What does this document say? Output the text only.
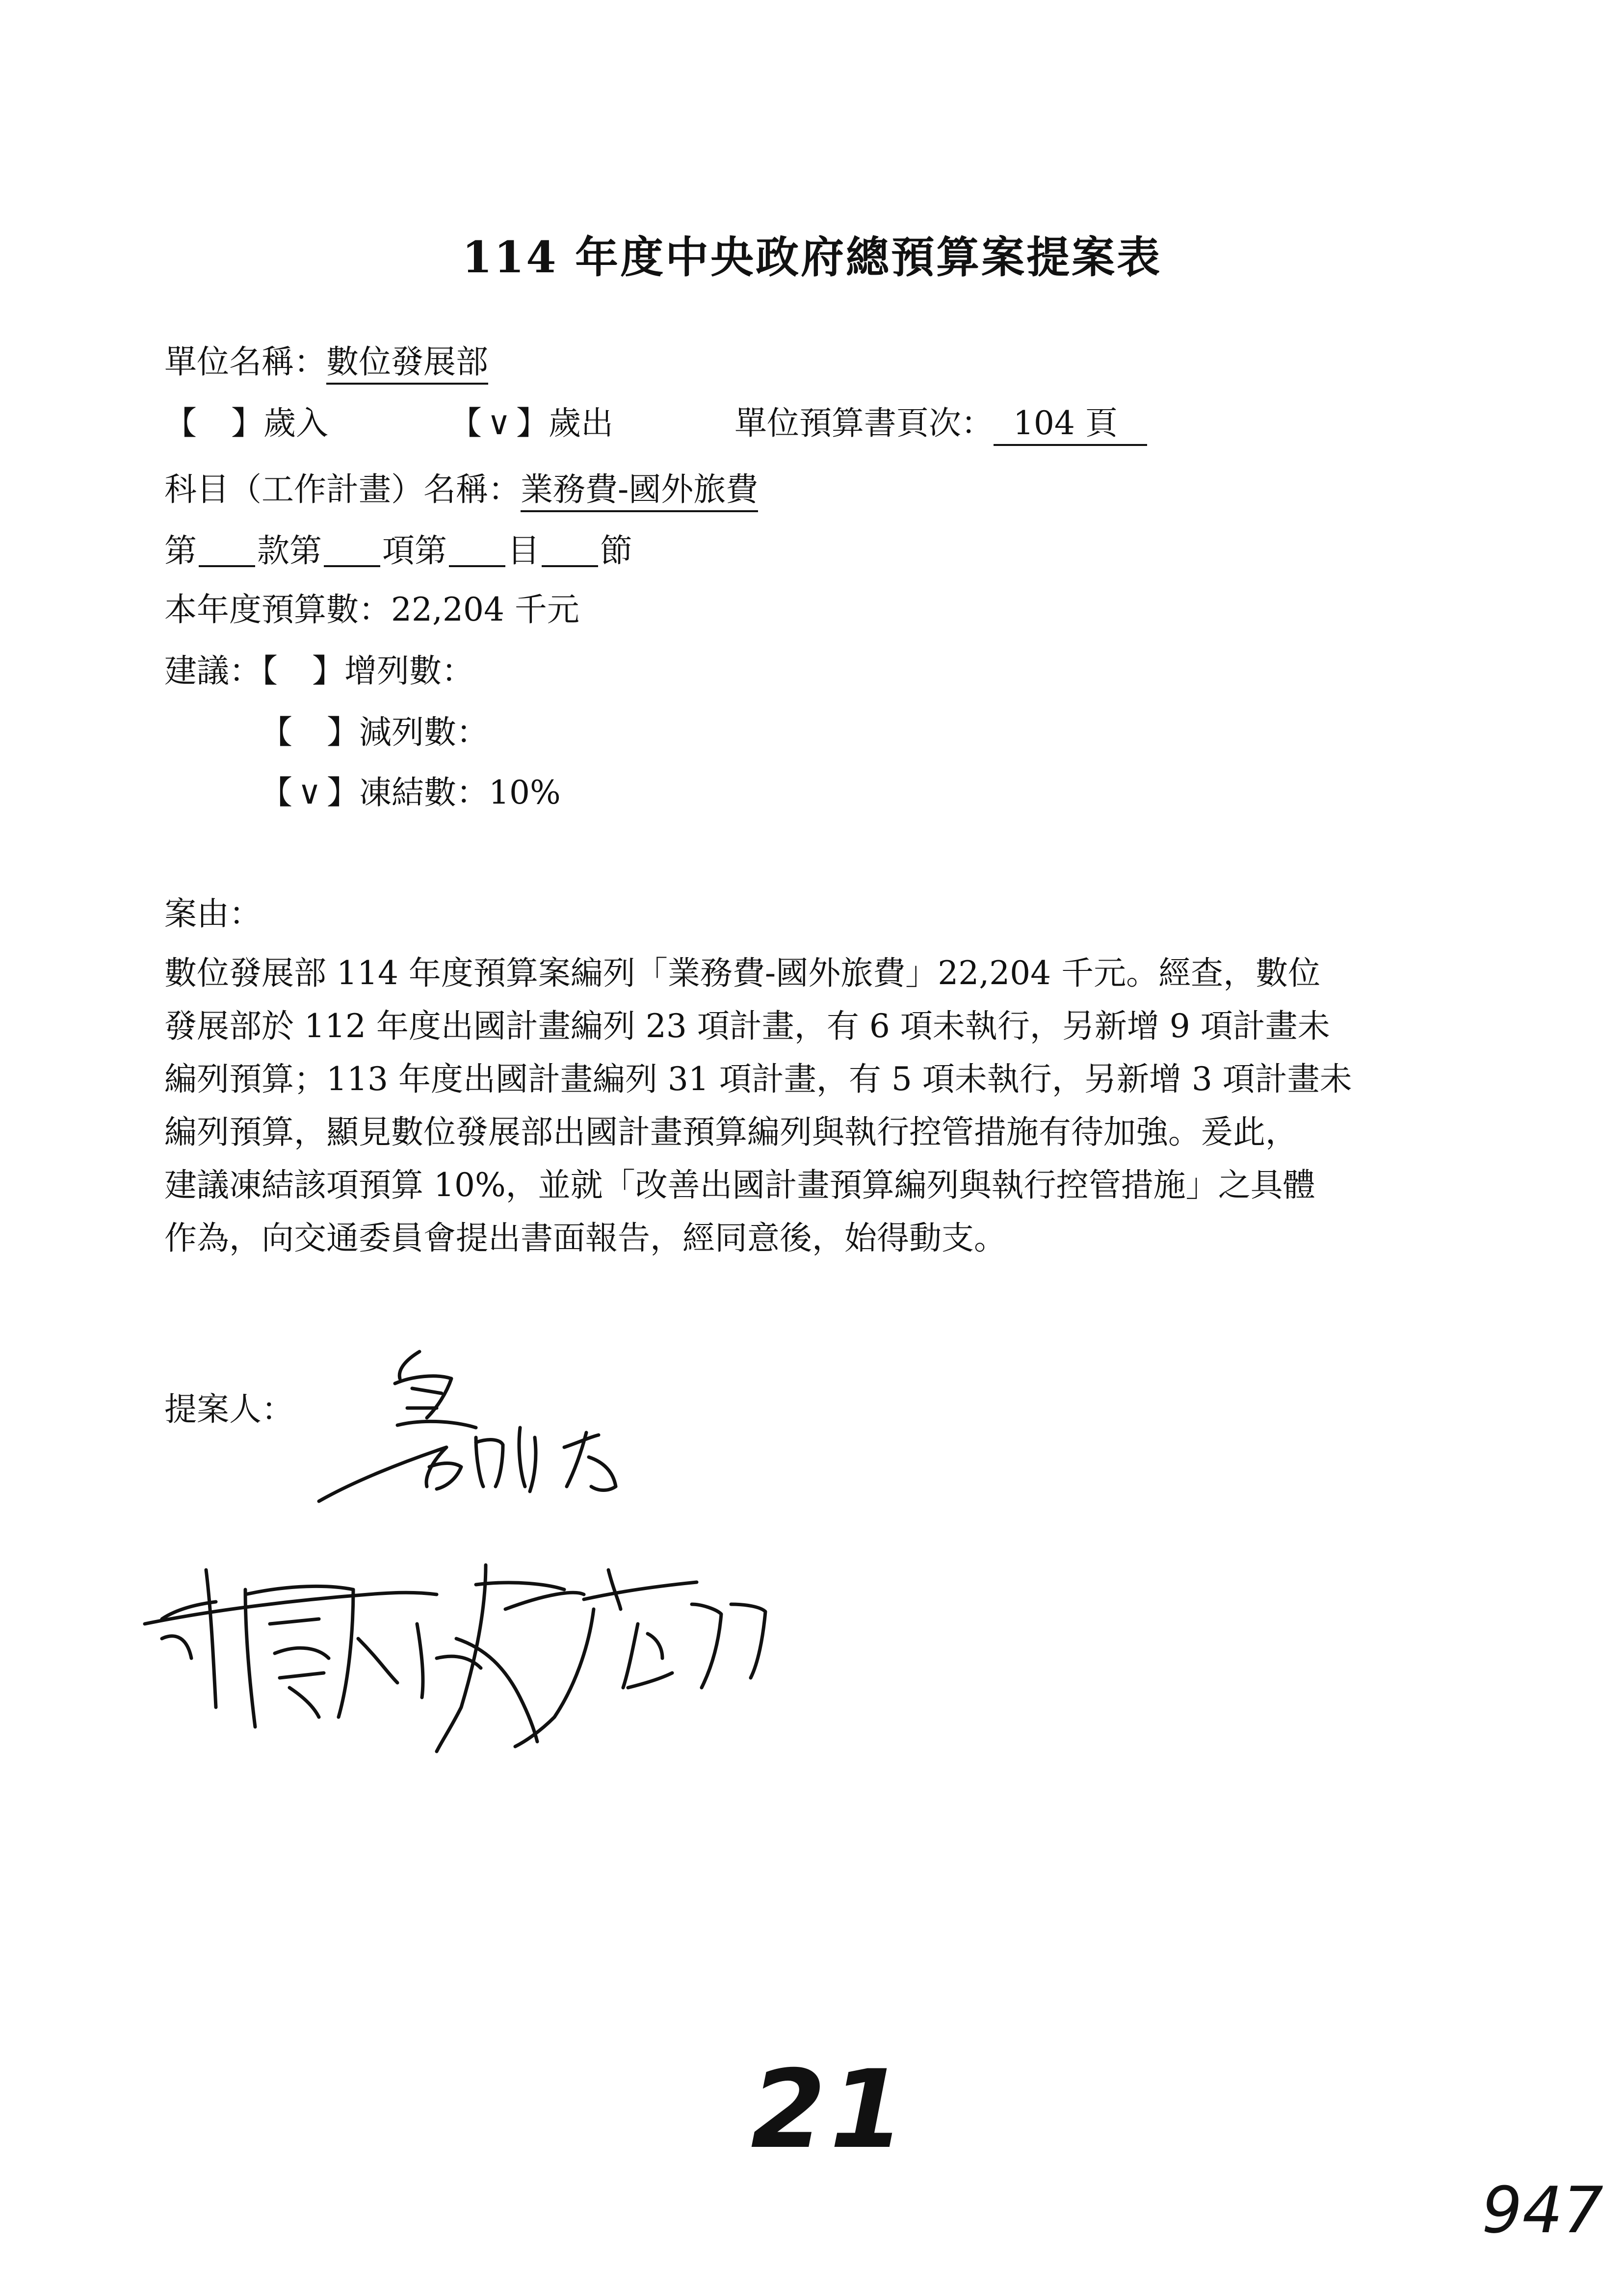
114 年度中央政府總預算案提案表
單位名稱：數位發展部
【 】歲入	【 ∨ 】歲出	單位預算書頁次： 104 頁
科目（工作計畫）名稱：業務費-國外旅費
第 款第 項第 目 節
本年度預算數：22,204 千元
建議：【 】增列數：
【 】減列數：
【 ∨ 】凍結數：10%
案由：

數位發展部 114 年度預算案編列「業務費-國外旅費」22,204 千元。經查，數位

發展部於 112 年度出國計畫編列 23 項計畫，有 6 項未執行，另新增 9 項計畫未

編列預算；113 年度出國計畫編列 31 項計畫，有 5 項未執行，另新增 3 項計畫未

編列預算，顯見數位發展部出國計畫預算編列與執行控管措施有待加強。爰此，

建議凍結該項預算 10%，並就「改善出國計畫預算編列與執行控管措施」之具體

作為，向交通委員會提出書面報告，經同意後，始得動支。

提案人：
21
947
